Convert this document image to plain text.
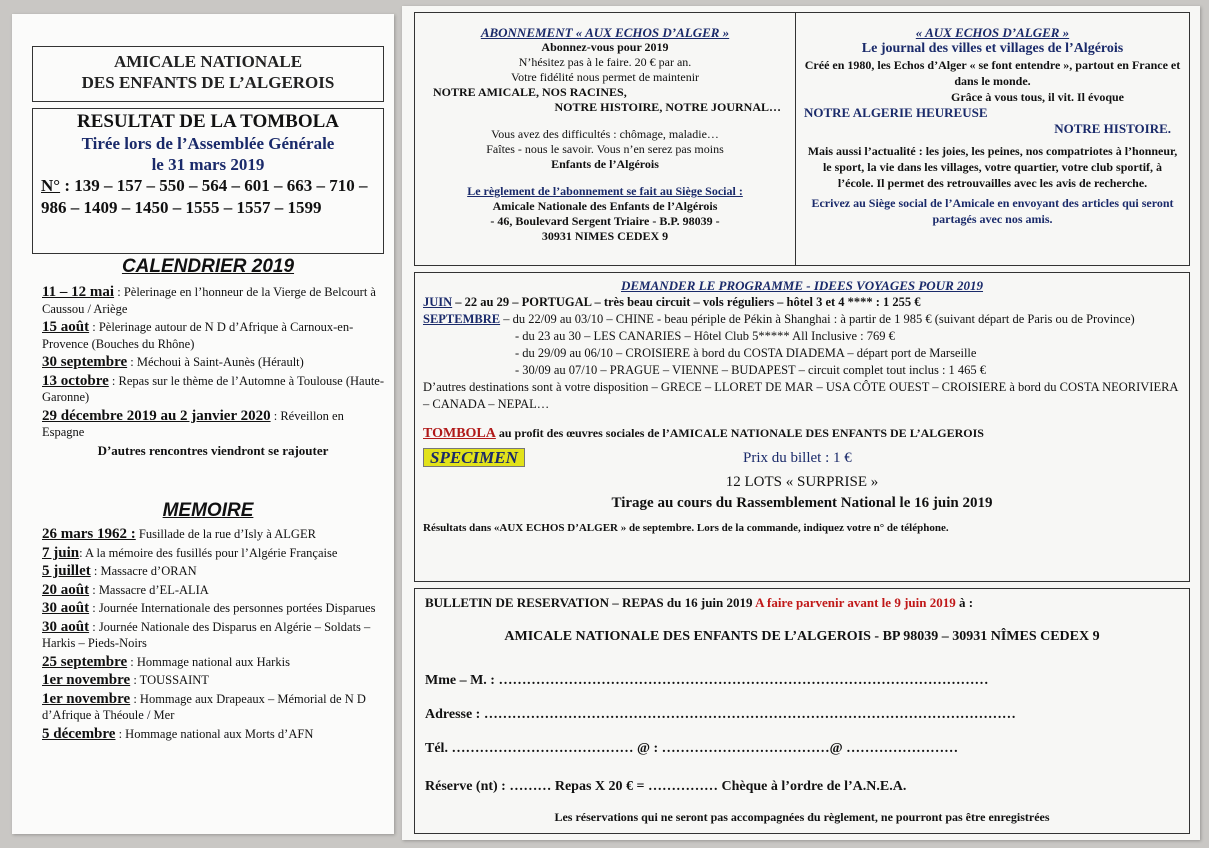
AMICALE NATIONALE
DES ENFANTS DE L’ALGEROIS
RESULTAT DE LA TOMBOLA
Tirée lors de l’Assemblée Générale
le 31 mars 2019
N° : 139 – 157 – 550 – 564 – 601 – 663 – 710 – 986 – 1409 – 1450 – 1555 – 1557 – 1599
CALENDRIER 2019
11 – 12 mai : Pèlerinage en l’honneur de la Vierge de Belcourt à Caussou / Ariège
15 août : Pèlerinage autour de N D d’Afrique à Carnoux-en-Provence (Bouches du Rhône)
30 septembre : Méchoui à Saint-Aunès (Hérault)
13 octobre : Repas sur le thème de l’Automne à Toulouse (Haute-Garonne)
29 décembre 2019 au 2 janvier 2020 : Réveillon en Espagne
D’autres rencontres viendront se rajouter
MEMOIRE
26 mars 1962 : Fusillade de la rue d’Isly à ALGER
7 juin: A la mémoire des fusillés pour l’Algérie Française
5 juillet : Massacre d’ORAN
20 août : Massacre d’EL-ALIA
30 août : Journée Internationale des personnes portées Disparues
30 août : Journée Nationale des Disparus en Algérie – Soldats – Harkis – Pieds-Noirs
25 septembre : Hommage national aux Harkis
1er novembre : TOUSSAINT
1er novembre : Hommage aux Drapeaux – Mémorial de N D d’Afrique à Théoule / Mer
5 décembre : Hommage national aux Morts d’AFN
ABONNEMENT « AUX ECHOS D’ALGER »
Abonnez-vous pour 2019
N’hésitez pas à le faire. 20 € par an.
Votre fidélité nous permet de maintenir
NOTRE AMICALE, NOS RACINES,
NOTRE HISTOIRE, NOTRE JOURNAL…
Vous avez des difficultés : chômage, maladie…
Faîtes - nous le savoir. Vous n’en serez pas moins
Enfants de l’Algérois
Le règlement de l’abonnement se fait au Siège Social :
Amicale Nationale des Enfants de l’Algérois
- 46, Boulevard Sergent Triaire - B.P. 98039 -
30931 NIMES CEDEX 9
« AUX ECHOS D’ALGER »
Le journal des villes et villages de l’Algérois
Créé en 1980, les Echos d’Alger « se font entendre », partout en France et dans le monde.
Grâce à vous tous, il vit. Il évoque
NOTRE ALGERIE HEUREUSE
NOTRE HISTOIRE.
Mais aussi l’actualité : les joies, les peines, nos compatriotes à l’honneur, le sport, la vie dans les villages, votre quartier, votre club sportif, à l’école. Il permet des retrouvailles avec les avis de recherche.
Ecrivez au Siège social de l’Amicale en envoyant des articles qui seront partagés avec nos amis.
DEMANDER LE PROGRAMME - IDEES VOYAGES POUR 2019
JUIN – 22 au 29 – PORTUGAL – très beau circuit – vols réguliers – hôtel 3 et 4 **** : 1 255 €
SEPTEMBRE – du 22/09 au 03/10 – CHINE - beau périple de Pékin à Shanghai : à partir de 1 985 € (suivant départ de Paris ou de Province)
- du 23 au 30 – LES CANARIES – Hôtel Club 5***** All Inclusive : 769 €
- du 29/09 au 06/10 – CROISIERE à bord du COSTA DIADEMA – départ port de Marseille
- 30/09 au 07/10 – PRAGUE – VIENNE – BUDAPEST – circuit complet tout inclus : 1 465 €
D’autres destinations sont à votre disposition – GRECE – LLORET DE MAR – USA CÔTE OUEST – CROISIERE à bord du COSTA NEORIVIERA – CANADA – NEPAL…
TOMBOLA au profit des œuvres sociales de l’AMICALE NATIONALE DES ENFANTS DE L’ALGEROIS
SPECIMEN	Prix du billet : 1 €
12 LOTS « SURPRISE »
Tirage au cours du Rassemblement National le 16 juin 2019
Résultats dans «AUX ECHOS D’ALGER » de septembre. Lors de la commande, indiquez votre n° de téléphone.
BULLETIN DE RESERVATION – REPAS du 16 juin 2019 A faire parvenir avant le 9 juin 2019 à :
AMICALE NATIONALE DES ENFANTS DE L’ALGEROIS - BP 98039 – 30931 NÎMES CEDEX 9
Mme – M. : ……………………………………………………………………………………………
Adresse : ……………………………………………………………………………………………………
Tél. ………………………………… @ : ………………………………@ ……………………
Réserve (nt) : ……… Repas X 20 € = …………… Chèque à l’ordre de l’A.N.E.A.
Les réservations qui ne seront pas accompagnées du règlement, ne pourront pas être enregistrées
